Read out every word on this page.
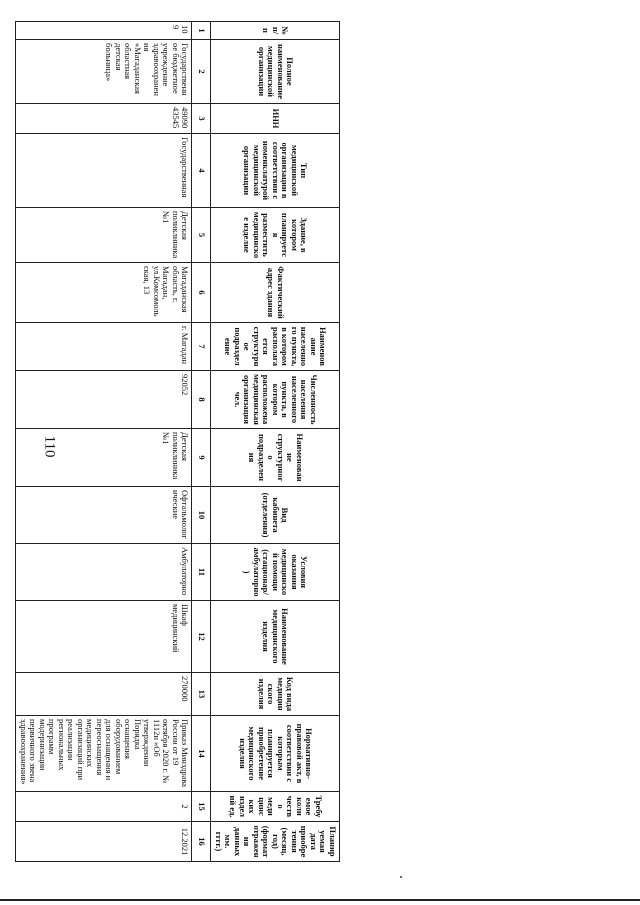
110
№ п/п	Полное наименование медицинской организации	ИНН	Тип медицинской организации в соответствии с номенклатурой медицинской организации	Здание, в котором планируется разместить медицинское изделие	Фактический адрес здания	Наименование населенного пункта, в котором располагается структурное подразделение	Численность населения населенного пункта, в котором расположена медицинская организация чел.	Наименование структурного подразделения	Вид кабинета (отделения)	Условия оказания медицинской помощи (стационар/амбулаторно)	Наименование медицинского изделия	Код вида медицинского изделия	Нормативно- правовой акт, в соответствии с которым планируется приобретение медицинского изделия	Требуемое количество медицинских изделий ед.	Планируемая дата приобретения (месяц, год) (формат отражения данных мм. гггг.)
1	2	3	4	5	6	7	8	9	10	11	12	13	14	15	16
109	Государственное бюджетное учреждение здравоохранения «Магаданская областная детская больница»	4909043545	Государственная	Детская поликлиника №1	Магаданская область, г. Магадан, ул.Комсомольская, 13	г. Магадан	92052	Детская поликлиника №1	Офтальмологические	Амбулаторно	Шкаф медицинский	270000	Приказ Минздрава России от 19 октября 2020 г. № 1112н «Об утверждении Порядка оснащения оборудованием для оснащения и переоснащения медицинских организаций при реализации региональных программ модернизации первичного звена здравоохранения»	2	12.2021
